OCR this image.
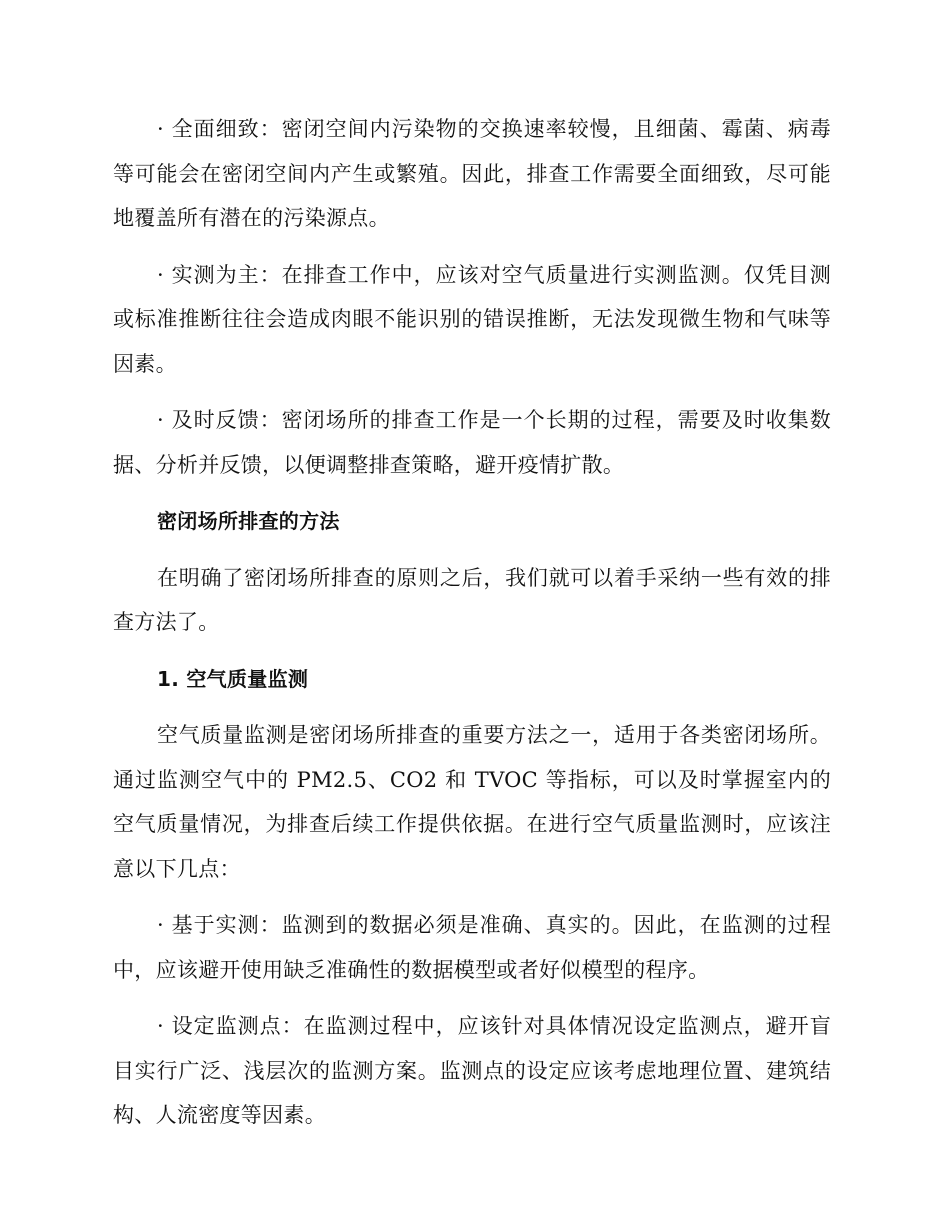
· 全面细致：密闭空间内污染物的交换速率较慢，且细菌、霉菌、病毒等可能会在密闭空间内产生或繁殖。因此，排查工作需要全面细致，尽可能地覆盖所有潜在的污染源点。

· 实测为主：在排查工作中，应该对空气质量进行实测监测。仅凭目测或标准推断往往会造成肉眼不能识别的错误推断，无法发现微生物和气味等因素。

· 及时反馈：密闭场所的排查工作是一个长期的过程，需要及时收集数据、分析并反馈，以便调整排查策略，避开疫情扩散。

密闭场所排查的方法

在明确了密闭场所排查的原则之后，我们就可以着手采纳一些有效的排查方法了。

1. 空气质量监测

空气质量监测是密闭场所排查的重要方法之一，适用于各类密闭场所。通过监测空气中的 PM2.5、CO2 和 TVOC 等指标，可以及时掌握室内的空气质量情况，为排查后续工作提供依据。在进行空气质量监测时，应该注意以下几点：

· 基于实测：监测到的数据必须是准确、真实的。因此，在监测的过程中，应该避开使用缺乏准确性的数据模型或者好似模型的程序。

· 设定监测点：在监测过程中，应该针对具体情况设定监测点，避开盲目实行广泛、浅层次的监测方案。监测点的设定应该考虑地理位置、建筑结构、人流密度等因素。
